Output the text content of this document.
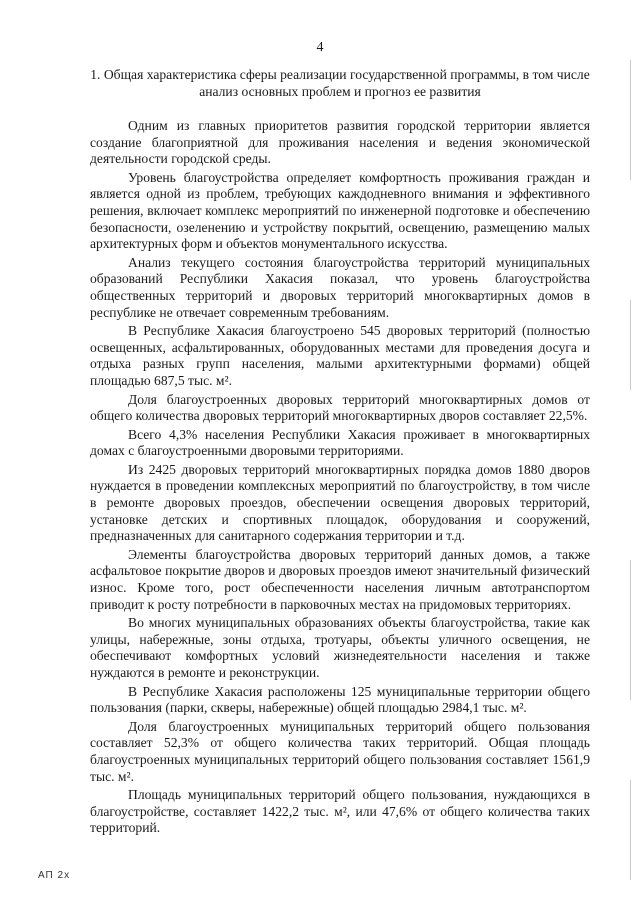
4
1. Общая характеристика сферы реализации государственной программы, в том числе анализ основных проблем и прогноз ее развития

Одним из главных приоритетов развития городской территории является создание благоприятной для проживания населения и ведения экономической деятельности городской среды.

Уровень благоустройства определяет комфортность проживания граждан и является одной из проблем, требующих каждодневного внимания и эффективного решения, включает комплекс мероприятий по инженерной подготовке и обеспечению безопасности, озеленению и устройству покрытий, освещению, размещению малых архитектурных форм и объектов монументального искусства.

Анализ текущего состояния благоустройства территорий муниципальных образований Республики Хакасия показал, что уровень благоустройства общественных территорий и дворовых территорий многоквартирных домов в республике не отвечает современным требованиям.

В Республике Хакасия благоустроено 545 дворовых территорий (полностью освещенных, асфальтированных, оборудованных местами для проведения досуга и отдыха разных групп населения, малыми архитектурными формами) общей площадью 687,5 тыс. м².

Доля благоустроенных дворовых территорий многоквартирных домов от общего количества дворовых территорий многоквартирных дворов составляет 22,5%.

Всего 4,3% населения Республики Хакасия проживает в многоквартирных домах с благоустроенными дворовыми территориями.

Из 2425 дворовых территорий многоквартирных порядка домов 1880 дворов нуждается в проведении комплексных мероприятий по благоустройству, в том числе в ремонте дворовых проездов, обеспечении освещения дворовых территорий, установке детских и спортивных площадок, оборудования и сооружений, предназначенных для санитарного содержания территории и т.д.

Элементы благоустройства дворовых территорий данных домов, а также асфальтовое покрытие дворов и дворовых проездов имеют значительный физический износ. Кроме того, рост обеспеченности населения личным автотранспортом приводит к росту потребности в парковочных местах на придомовых территориях.

Во многих муниципальных образованиях объекты благоустройства, такие как улицы, набережные, зоны отдыха, тротуары, объекты уличного освещения, не обеспечивают комфортных условий жизнедеятельности населения и также нуждаются в ремонте и реконструкции.

В Республике Хакасия расположены 125 муниципальные территории общего пользования (парки, скверы, набережные) общей площадью 2984,1 тыс. м².

Доля благоустроенных муниципальных территорий общего пользования составляет 52,3% от общего количества таких территорий. Общая площадь благоустроенных муниципальных территорий общего пользования составляет 1561,9 тыс. м².

Площадь муниципальных территорий общего пользования, нуждающихся в благоустройстве, составляет 1422,2 тыс. м², или 47,6% от общего количества таких территорий.

АП 2х
